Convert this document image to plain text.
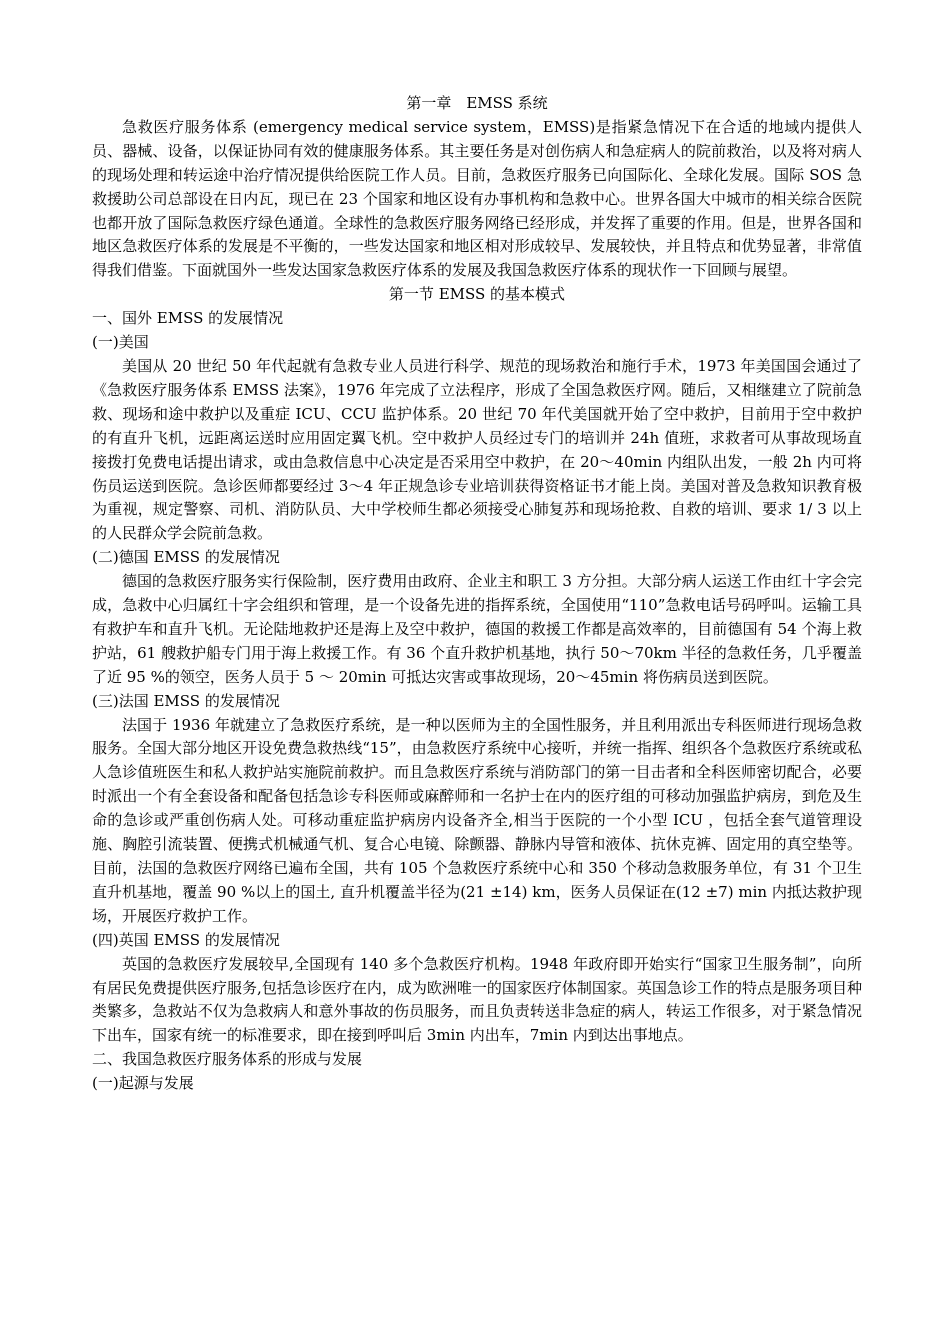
第一章　EMSS 系统

急救医疗服务体系 (emergency medical service system，EMSS)是指紧急情况下在合适的地域内提供人员、器械、设备，以保证协同有效的健康服务体系。其主要任务是对创伤病人和急症病人的院前救治，以及将对病人的现场处理和转运途中治疗情况提供给医院工作人员。目前，急救医疗服务已向国际化、全球化发展。国际 SOS 急救援助公司总部设在日内瓦，现已在 23 个国家和地区设有办事机构和急救中心。世界各国大中城市的相关综合医院也都开放了国际急救医疗绿色通道。全球性的急救医疗服务网络已经形成，并发挥了重要的作用。但是，世界各国和地区急救医疗体系的发展是不平衡的，一些发达国家和地区相对形成较早、发展较快，并且特点和优势显著，非常值得我们借鉴。下面就国外一些发达国家急救医疗体系的发展及我国急救医疗体系的现状作一下回顾与展望。

第一节 EMSS 的基本模式

一、国外 EMSS 的发展情况

(一)美国

美国从 20 世纪 50 年代起就有急救专业人员进行科学、规范的现场救治和施行手术，1973 年美国国会通过了《急救医疗服务体系 EMSS 法案》，1976 年完成了立法程序，形成了全国急救医疗网。随后，又相继建立了院前急救、现场和途中救护以及重症 ICU、CCU 监护体系。20 世纪 70 年代美国就开始了空中救护，目前用于空中救护的有直升飞机，远距离运送时应用固定翼飞机。空中救护人员经过专门的培训并 24h 值班，求救者可从事故现场直接拨打免费电话提出请求，或由急救信息中心决定是否采用空中救护，在 20～40min 内组队出发，一般 2h 内可将伤员运送到医院。急诊医师都要经过 3～4 年正规急诊专业培训获得资格证书才能上岗。美国对普及急救知识教育极为重视，规定警察、司机、消防队员、大中学校师生都必须接受心肺复苏和现场抢救、自救的培训、要求 1/ 3 以上的人民群众学会院前急救。

(二)德国 EMSS 的发展情况

德国的急救医疗服务实行保险制，医疗费用由政府、企业主和职工 3 方分担。大部分病人运送工作由红十字会完成，急救中心归属红十字会组织和管理，是一个设备先进的指挥系统，全国使用“110”急救电话号码呼叫。运输工具有救护车和直升飞机。无论陆地救护还是海上及空中救护，德国的救援工作都是高效率的，目前德国有 54 个海上救护站，61 艘救护船专门用于海上救援工作。有 36 个直升救护机基地，执行 50～70km 半径的急救任务，几乎覆盖了近 95 %的领空，医务人员于 5 ～ 20min 可抵达灾害或事故现场，20～45min 将伤病员送到医院。

(三)法国 EMSS 的发展情况

法国于 1936 年就建立了急救医疗系统，是一种以医师为主的全国性服务，并且利用派出专科医师进行现场急救服务。全国大部分地区开设免费急救热线“15”，由急救医疗系统中心接听，并统一指挥、组织各个急救医疗系统或私人急诊值班医生和私人救护站实施院前救护。而且急救医疗系统与消防部门的第一目击者和全科医师密切配合，必要时派出一个有全套设备和配备包括急诊专科医师或麻醉师和一名护士在内的医疗组的可移动加强监护病房，到危及生命的急诊或严重创伤病人处。可移动重症监护病房内设备齐全,相当于医院的一个小型 ICU ，包括全套气道管理设施、胸腔引流装置、便携式机械通气机、复合心电镜、除颤器、静脉内导管和液体、抗休克裤、固定用的真空垫等。目前，法国的急救医疗网络已遍布全国，共有 105 个急救医疗系统中心和 350 个移动急救服务单位，有 31 个卫生直升机基地，覆盖 90 %以上的国土, 直升机覆盖半径为(21 ±14) km，医务人员保证在(12 ±7) min 内抵达救护现场，开展医疗救护工作。

(四)英国 EMSS 的发展情况

英国的急救医疗发展较早,全国现有 140 多个急救医疗机构。1948 年政府即开始实行“国家卫生服务制”，向所有居民免费提供医疗服务,包括急诊医疗在内，成为欧洲唯一的国家医疗体制国家。英国急诊工作的特点是服务项目种类繁多，急救站不仅为急救病人和意外事故的伤员服务，而且负责转送非急症的病人，转运工作很多，对于紧急情况下出车，国家有统一的标准要求，即在接到呼叫后 3min 内出车，7min 内到达出事地点。

二、我国急救医疗服务体系的形成与发展

(一)起源与发展
